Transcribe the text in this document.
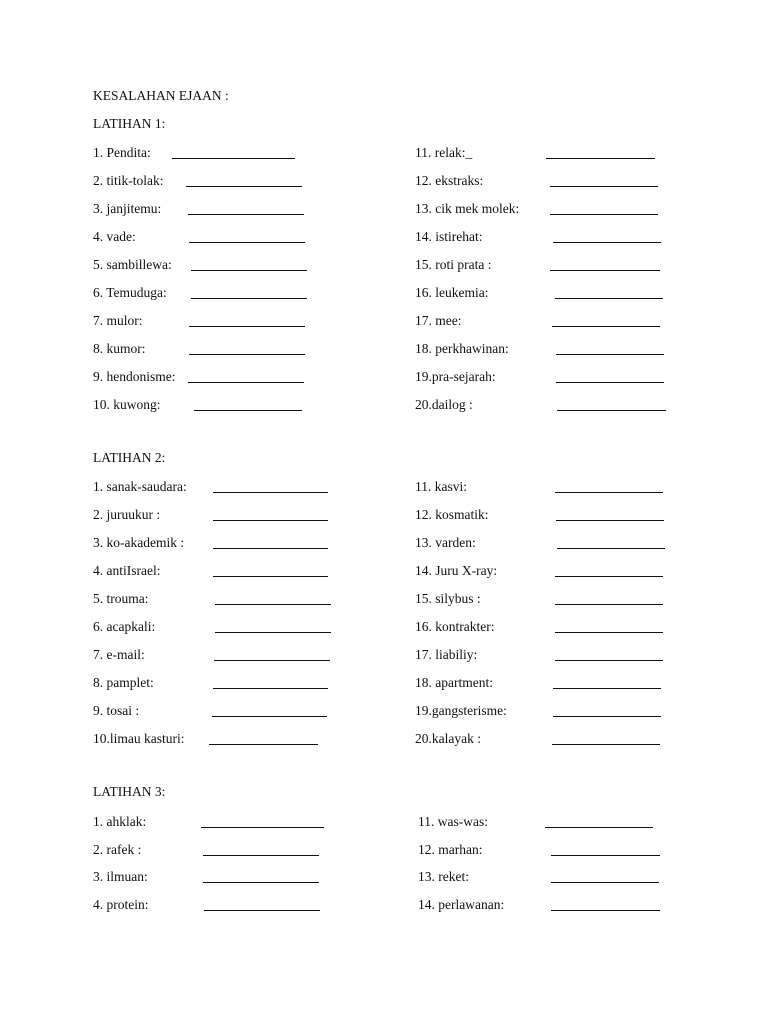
KESALAHAN EJAAN :
LATIHAN 1:
1. Pendita:
2. titik-tolak:
3. janjitemu:
4. vade:
5. sambillewa:
6. Temuduga:
7. mulor:
8. kumor:
9. hendonisme:
10. kuwong:
11. relak:_
12. ekstraks:
13. cik mek molek:
14. istirehat:
15. roti prata :
16. leukemia:
17. mee:
18. perkhawinan:
19.pra-sejarah:
20.dailog :
LATIHAN 2:
1. sanak-saudara:
2. juruukur :
3. ko-akademik :
4. antiIsrael:
5. trouma:
6. acapkali:
7. e-mail:
8. pamplet:
9. tosai :
10.limau kasturi:
11. kasvi:
12. kosmatik:
13. varden:
14. Juru X-ray:
15. silybus :
16. kontrakter:
17. liabiliy:
18. apartment:
19.gangsterisme:
20.kalayak :
LATIHAN 3:
1. ahklak:
2. rafek :
3. ilmuan:
4. protein:
11. was-was:
12. marhan:
13. reket:
14. perlawanan:
